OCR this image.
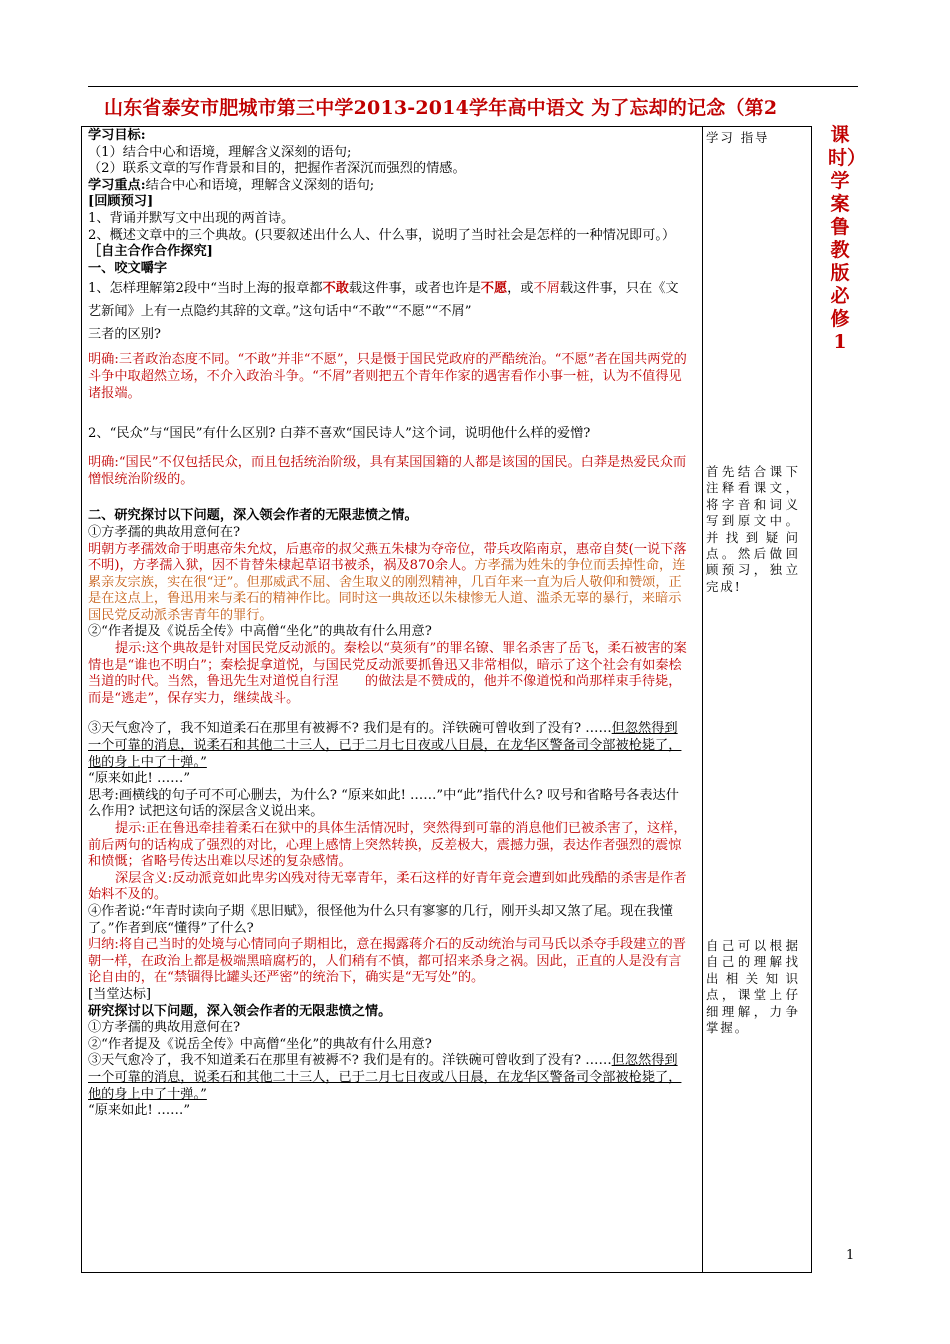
山东省泰安市肥城市第三中学2013-2014学年高中语文 为了忘却的记念（第2
课时）学案鲁教版必修1

学习目标:

（1）结合中心和语境，理解含义深刻的语句;

（2）联系文章的写作背景和目的，把握作者深沉而强烈的情感。

学习重点:结合中心和语境，理解含义深刻的语句;

[回顾预习]

1、背诵并默写文中出现的两首诗。

2、概述文章中的三个典故。(只要叙述出什么人、什么事，说明了当时社会是怎样的一种情况即可。）

［自主合作合作探究]

一、咬文嚼字

1、怎样理解第2段中“当时上海的报章都不敢载这件事，或者也许是不愿，或不屑载这件事，只在《文艺新闻》上有一点隐约其辞的文章。”这句话中“不敢”“不愿”“不屑”

三者的区别?

明确:三者政治态度不同。“不敢”并非“不愿”，只是慑于国民党政府的严酷统治。“不愿”者在国共两党的斗争中取超然立场，不介入政治斗争。“不屑”者则把五个青年作家的遇害看作小事一桩，认为不值得见诸报端。

2、“民众”与“国民”有什么区别? 白莽不喜欢“国民诗人”这个词，说明他什么样的爱憎?

明确:“国民”不仅包括民众，而且包括统治阶级，具有某国国籍的人都是该国的国民。白莽是热爱民众而憎恨统治阶级的。

二、研究探讨以下问题，深入领会作者的无限悲愤之情。

①方孝孺的典故用意何在?

明朝方孝孺效命于明惠帝朱允炆，后惠帝的叔父燕五朱棣为夺帝位，带兵攻陷南京，惠帝自焚(一说下落不明)，方孝孺入狱，因不肯替朱棣起草诏书被杀，祸及870余人。方孝孺为姓朱的争位而丢掉性命，连累亲友宗族，实在很“迂”。但那威武不屈、舍生取义的刚烈精神，几百年来一直为后人敬仰和赞颂，正是在这点上，鲁迅用来与柔石的精神作比。同时这一典故还以朱棣惨无人道、滥杀无辜的暴行，来暗示国民党反动派杀害青年的罪行。

②“作者提及《说岳全传》中高僧“坐化”的典故有什么用意?

提示:这个典故是针对国民党反动派的。秦桧以“莫须有”的罪名镣、罪名杀害了岳飞，柔石被害的案情也是“谁也不明白”；秦桧捉拿道悦，与国民党反动派要抓鲁迅又非常相似，暗示了这个社会有如秦桧当道的时代。当然，鲁迅先生对道悦自行涅　　的做法是不赞成的，他并不像道悦和尚那样束手待毙，而是“逃走”，保存实力，继续战斗。

③天气愈冷了，我不知道柔石在那里有被褥不? 我们是有的。洋铁碗可曾收到了没有? ……但忽然得到一个可靠的消息，说柔石和其他二十三人，已于二月七日夜或八日晨，在龙华区警备司令部被枪毙了，他的身上中了十弹。”

“原来如此! ……”

思考:画横线的句子可不可心删去，为什么? “原来如此! ……”中“此”指代什么? 叹号和省略号各表达什么作用? 试把这句话的深层含义说出来。

提示:正在鲁迅牵挂着柔石在狱中的具体生活情况时，突然得到可靠的消息他们已被杀害了，这样，前后两句的话构成了强烈的对比，心理上感情上突然转换，反差极大，震撼力强，表达作者强烈的震惊和愤慨；省略号传达出难以尽述的复杂感情。

深层含义:反动派竟如此卑劣凶残对待无辜青年，柔石这样的好青年竟会遭到如此残酷的杀害是作者始料不及的。

④作者说:“年青时读向子期《思旧赋》，很怪他为什么只有寥寥的几行，刚开头却又煞了尾。现在我懂了。”作者到底“懂得”了什么?

归纳:将自己当时的处境与心情同向子期相比，意在揭露蒋介石的反动统治与司马氏以杀夺手段建立的晋朝一样，在政治上都是极端黑暗腐朽的，人们稍有不慎，都可招来杀身之祸。因此，正直的人是没有言论自由的，在“禁锢得比罐头还严密”的统治下，确实是“无写处”的。

[当堂达标]

研究探讨以下问题，深入领会作者的无限悲愤之情。

①方孝孺的典故用意何在?

②“作者提及《说岳全传》中高僧“坐化”的典故有什么用意?

③天气愈冷了，我不知道柔石在那里有被褥不? 我们是有的。洋铁碗可曾收到了没有? ……但忽然得到一个可靠的消息，说柔石和其他二十三人，已于二月七日夜或八日晨，在龙华区警备司令部被枪毙了，他的身上中了十弹。”

“原来如此! ……”

学习 指导
首先结合课下注释看课文，将字音和词义写到原文中。并找到疑问点。然后做回顾预习，独立完成!
自己可以根据自己的理解找出相关知识点，课堂上仔细理解，力争掌握。
1
